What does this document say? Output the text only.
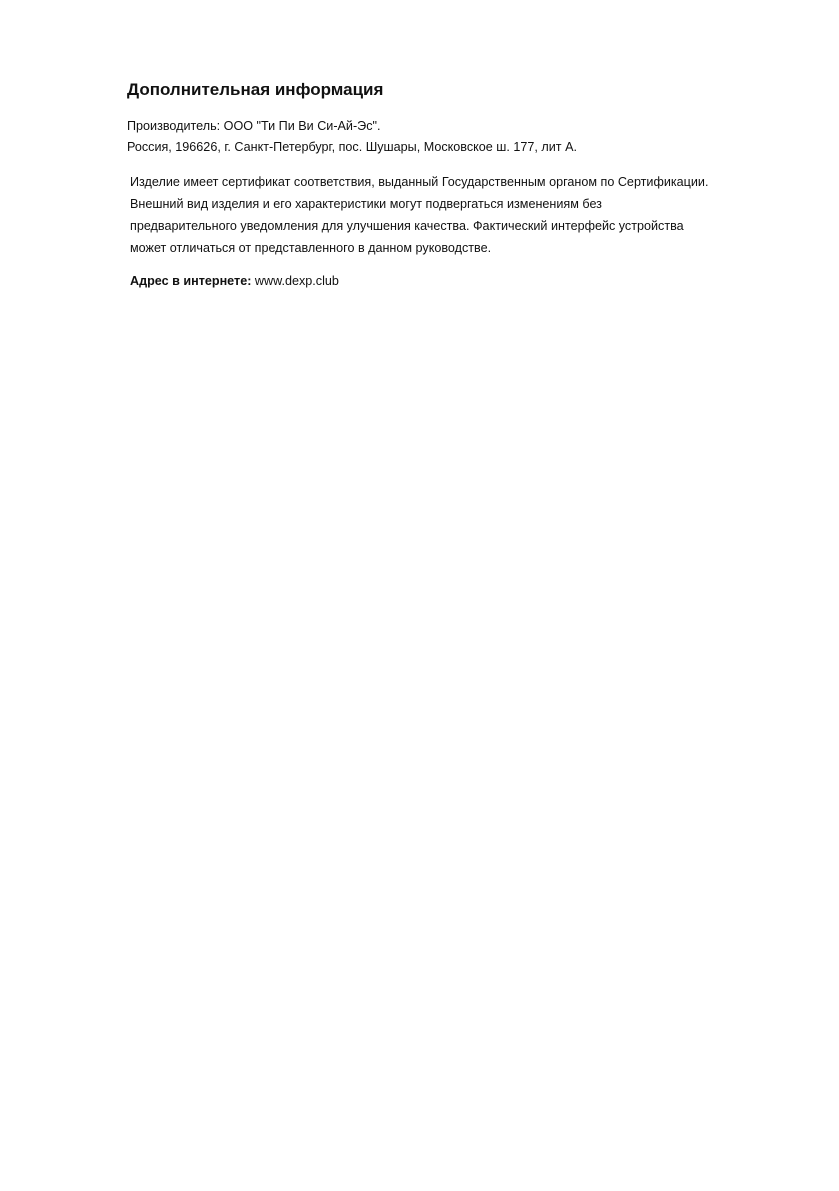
Дополнительная информация
Производитель: ООО "Ти Пи Ви Си-Ай-Эс".
Россия, 196626, г. Санкт-Петербург, пос. Шушары, Московское ш. 177, лит А.
Изделие имеет сертификат соответствия, выданный Государственным органом по Сертификации.
Внешний вид изделия и его характеристики могут подвергаться изменениям без
предварительного уведомления для улучшения качества. Фактический интерфейс устройства
может отличаться от представленного в данном руководстве.
Адрес в интернете: www.dexp.club
